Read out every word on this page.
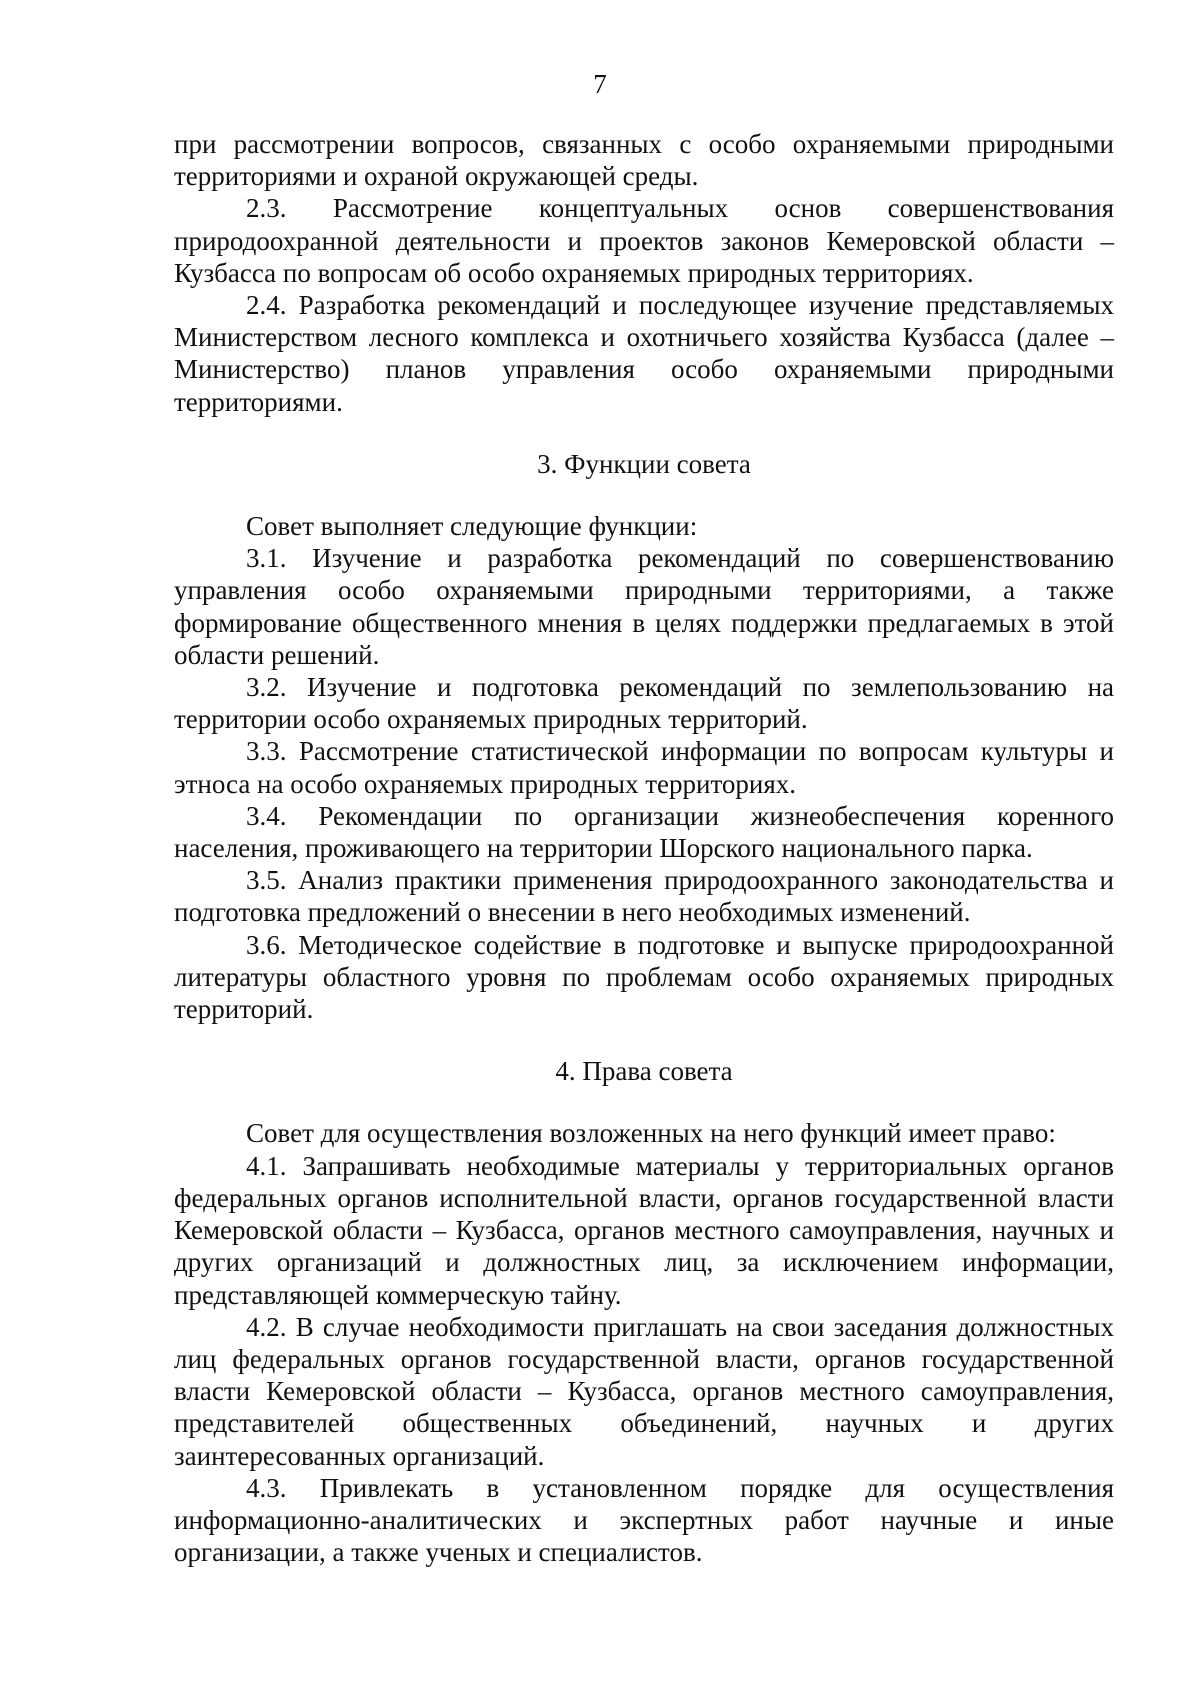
7

при рассмотрении вопросов, связанных с особо охраняемыми природными территориями и охраной окружающей среды.

2.3. Рассмотрение концептуальных основ совершенствования природоохранной деятельности и проектов законов Кемеровской области – Кузбасса по вопросам об особо охраняемых природных территориях.

2.4. Разработка рекомендаций и последующее изучение представляемых Министерством лесного комплекса и охотничьего хозяйства Кузбасса (далее – Министерство) планов управления особо охраняемыми природными территориями.

3. Функции совета

Совет выполняет следующие функции:

3.1. Изучение и разработка рекомендаций по совершенствованию управления особо охраняемыми природными территориями, а также формирование общественного мнения в целях поддержки предлагаемых в этой области решений.

3.2. Изучение и подготовка рекомендаций по землепользованию на территории особо охраняемых природных территорий.

3.3. Рассмотрение статистической информации по вопросам культуры и этноса на особо охраняемых природных территориях.

3.4. Рекомендации по организации жизнеобеспечения коренного населения, проживающего на территории Шорского национального парка.

3.5. Анализ практики применения природоохранного законодательства и подготовка предложений о внесении в него необходимых изменений.

3.6. Методическое содействие в подготовке и выпуске природоохранной литературы областного уровня по проблемам особо охраняемых природных территорий.

4. Права совета

Совет для осуществления возложенных на него функций имеет право:

4.1. Запрашивать необходимые материалы у территориальных органов федеральных органов исполнительной власти, органов государственной власти Кемеровской области – Кузбасса, органов местного самоуправления, научных и других организаций и должностных лиц, за исключением информации, представляющей коммерческую тайну.

4.2. В случае необходимости приглашать на свои заседания должностных лиц федеральных органов государственной власти, органов государственной власти Кемеровской области – Кузбасса, органов местного самоуправления, представителей общественных объединений, научных и других заинтересованных организаций.

4.3. Привлекать в установленном порядке для осуществления информационно-аналитических и экспертных работ научные и иные организации, а также ученых и специалистов.
